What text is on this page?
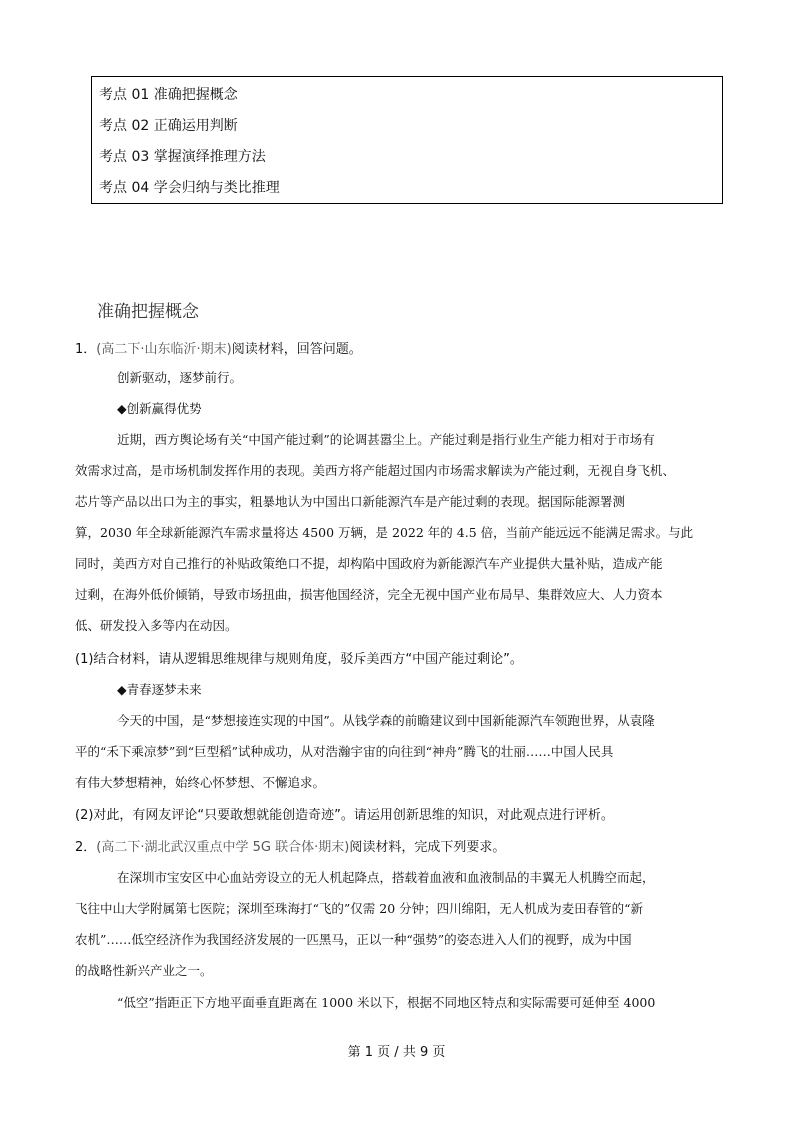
考点 01 准确把握概念
考点 02 正确运用判断
考点 03 掌握演绎推理方法
考点 04 学会归纳与类比推理
准确把握概念
1．(高二下·山东临沂·期末)阅读材料，回答问题。
创新驱动，逐梦前行。
◆创新赢得优势
近期，西方舆论场有关“中国产能过剩”的论调甚嚣尘上。产能过剩是指行业生产能力相对于市场有
效需求过高，是市场机制发挥作用的表现。美西方将产能超过国内市场需求解读为产能过剩，无视自身飞机、
芯片等产品以出口为主的事实，粗暴地认为中国出口新能源汽车是产能过剩的表现。据国际能源署测
算，2030 年全球新能源汽车需求量将达 4500 万辆，是 2022 年的 4.5 倍，当前产能远远不能满足需求。与此
同时，美西方对自己推行的补贴政策绝口不提，却构陷中国政府为新能源汽车产业提供大量补贴，造成产能
过剩，在海外低价倾销，导致市场扭曲，损害他国经济，完全无视中国产业布局早、集群效应大、人力资本
低、研发投入多等内在动因。
(1)结合材料，请从逻辑思维规律与规则角度，驳斥美西方“中国产能过剩论”。
◆青春逐梦未来
今天的中国，是“梦想接连实现的中国”。从钱学森的前瞻建议到中国新能源汽车领跑世界，从袁隆
平的“禾下乘凉梦”到“巨型稻”试种成功，从对浩瀚宇宙的向往到“神舟”腾飞的壮丽……中国人民具
有伟大梦想精神，始终心怀梦想、不懈追求。
(2)对此，有网友评论“只要敢想就能创造奇迹”。请运用创新思维的知识，对此观点进行评析。
2．(高二下·湖北武汉重点中学 5G 联合体·期末)阅读材料，完成下列要求。
在深圳市宝安区中心血站旁设立的无人机起降点，搭载着血液和血液制品的丰翼无人机腾空而起，
飞往中山大学附属第七医院；深圳至珠海打“飞的”仅需 20 分钟；四川绵阳，无人机成为麦田春管的“新
农机”……低空经济作为我国经济发展的一匹黑马，正以一种“强势”的姿态进入人们的视野，成为中国
的战略性新兴产业之一。
“低空”指距正下方地平面垂直距离在 1000 米以下，根据不同地区特点和实际需要可延伸至 4000
第 1 页 / 共 9 页
